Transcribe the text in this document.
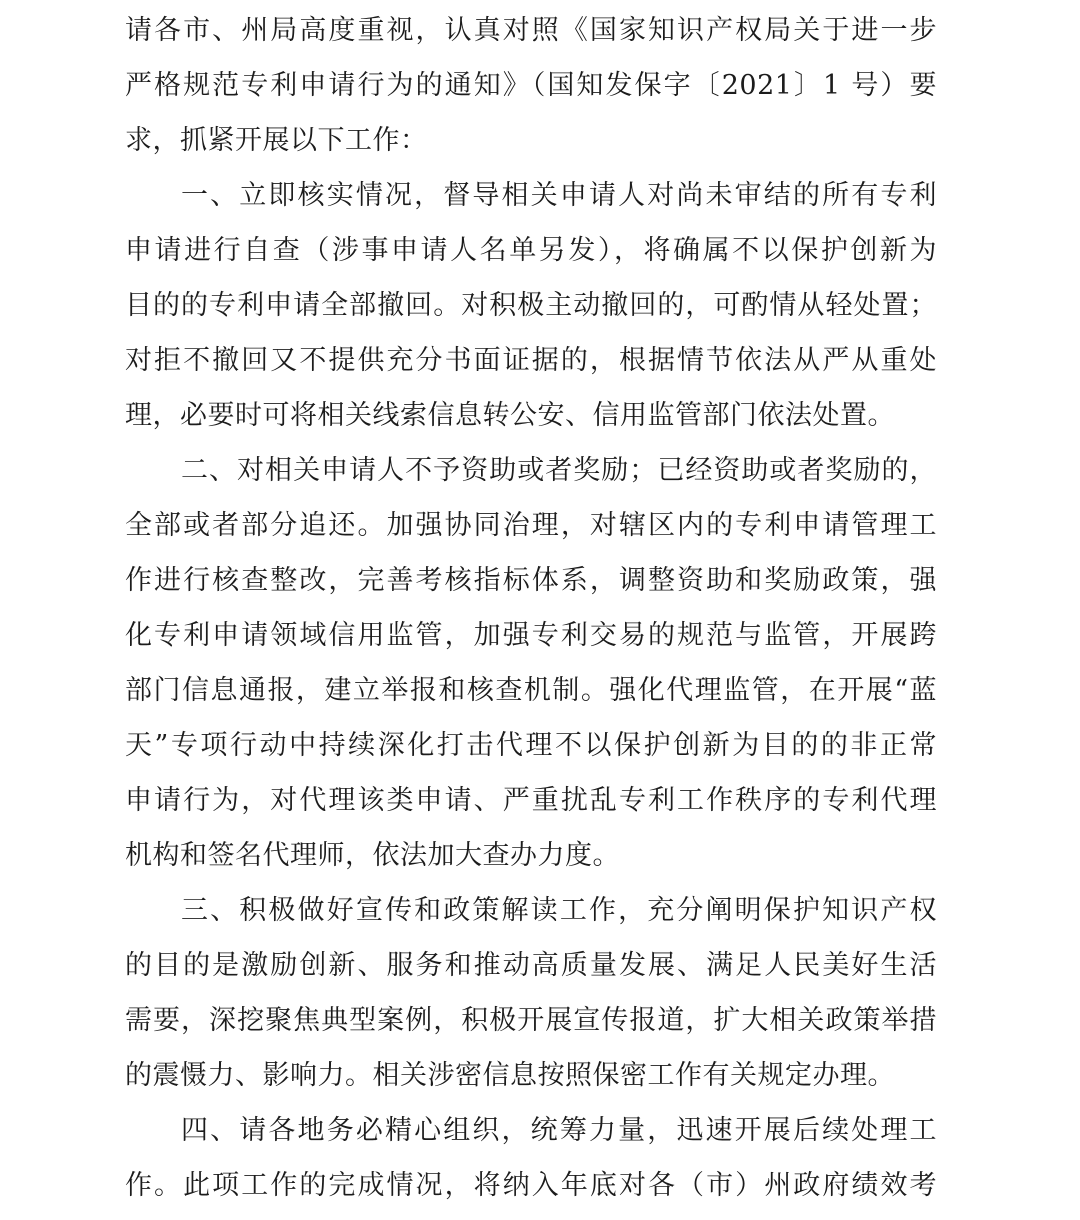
请各市、州局高度重视，认真对照《国家知识产权局关于进一步
严格规范专利申请行为的通知》（国知发保字〔2021〕1 号）要
求，抓紧开展以下工作：
一、立即核实情况，督导相关申请人对尚未审结的所有专利
申请进行自查（涉事申请人名单另发），将确属不以保护创新为
目的的专利申请全部撤回。对积极主动撤回的，可酌情从轻处置；
对拒不撤回又不提供充分书面证据的，根据情节依法从严从重处
理，必要时可将相关线索信息转公安、信用监管部门依法处置。
二、对相关申请人不予资助或者奖励；已经资助或者奖励的，
全部或者部分追还。加强协同治理，对辖区内的专利申请管理工
作进行核查整改，完善考核指标体系，调整资助和奖励政策，强
化专利申请领域信用监管，加强专利交易的规范与监管，开展跨
部门信息通报，建立举报和核查机制。强化代理监管，在开展“蓝
天”专项行动中持续深化打击代理不以保护创新为目的的非正常
申请行为，对代理该类申请、严重扰乱专利工作秩序的专利代理
机构和签名代理师，依法加大查办力度。
三、积极做好宣传和政策解读工作，充分阐明保护知识产权
的目的是激励创新、服务和推动高质量发展、满足人民美好生活
需要，深挖聚焦典型案例，积极开展宣传报道，扩大相关政策举措
的震慑力、影响力。相关涉密信息按照保密工作有关规定办理。
四、请各地务必精心组织，统筹力量，迅速开展后续处理工
作。此项工作的完成情况，将纳入年底对各（市）州政府绩效考
